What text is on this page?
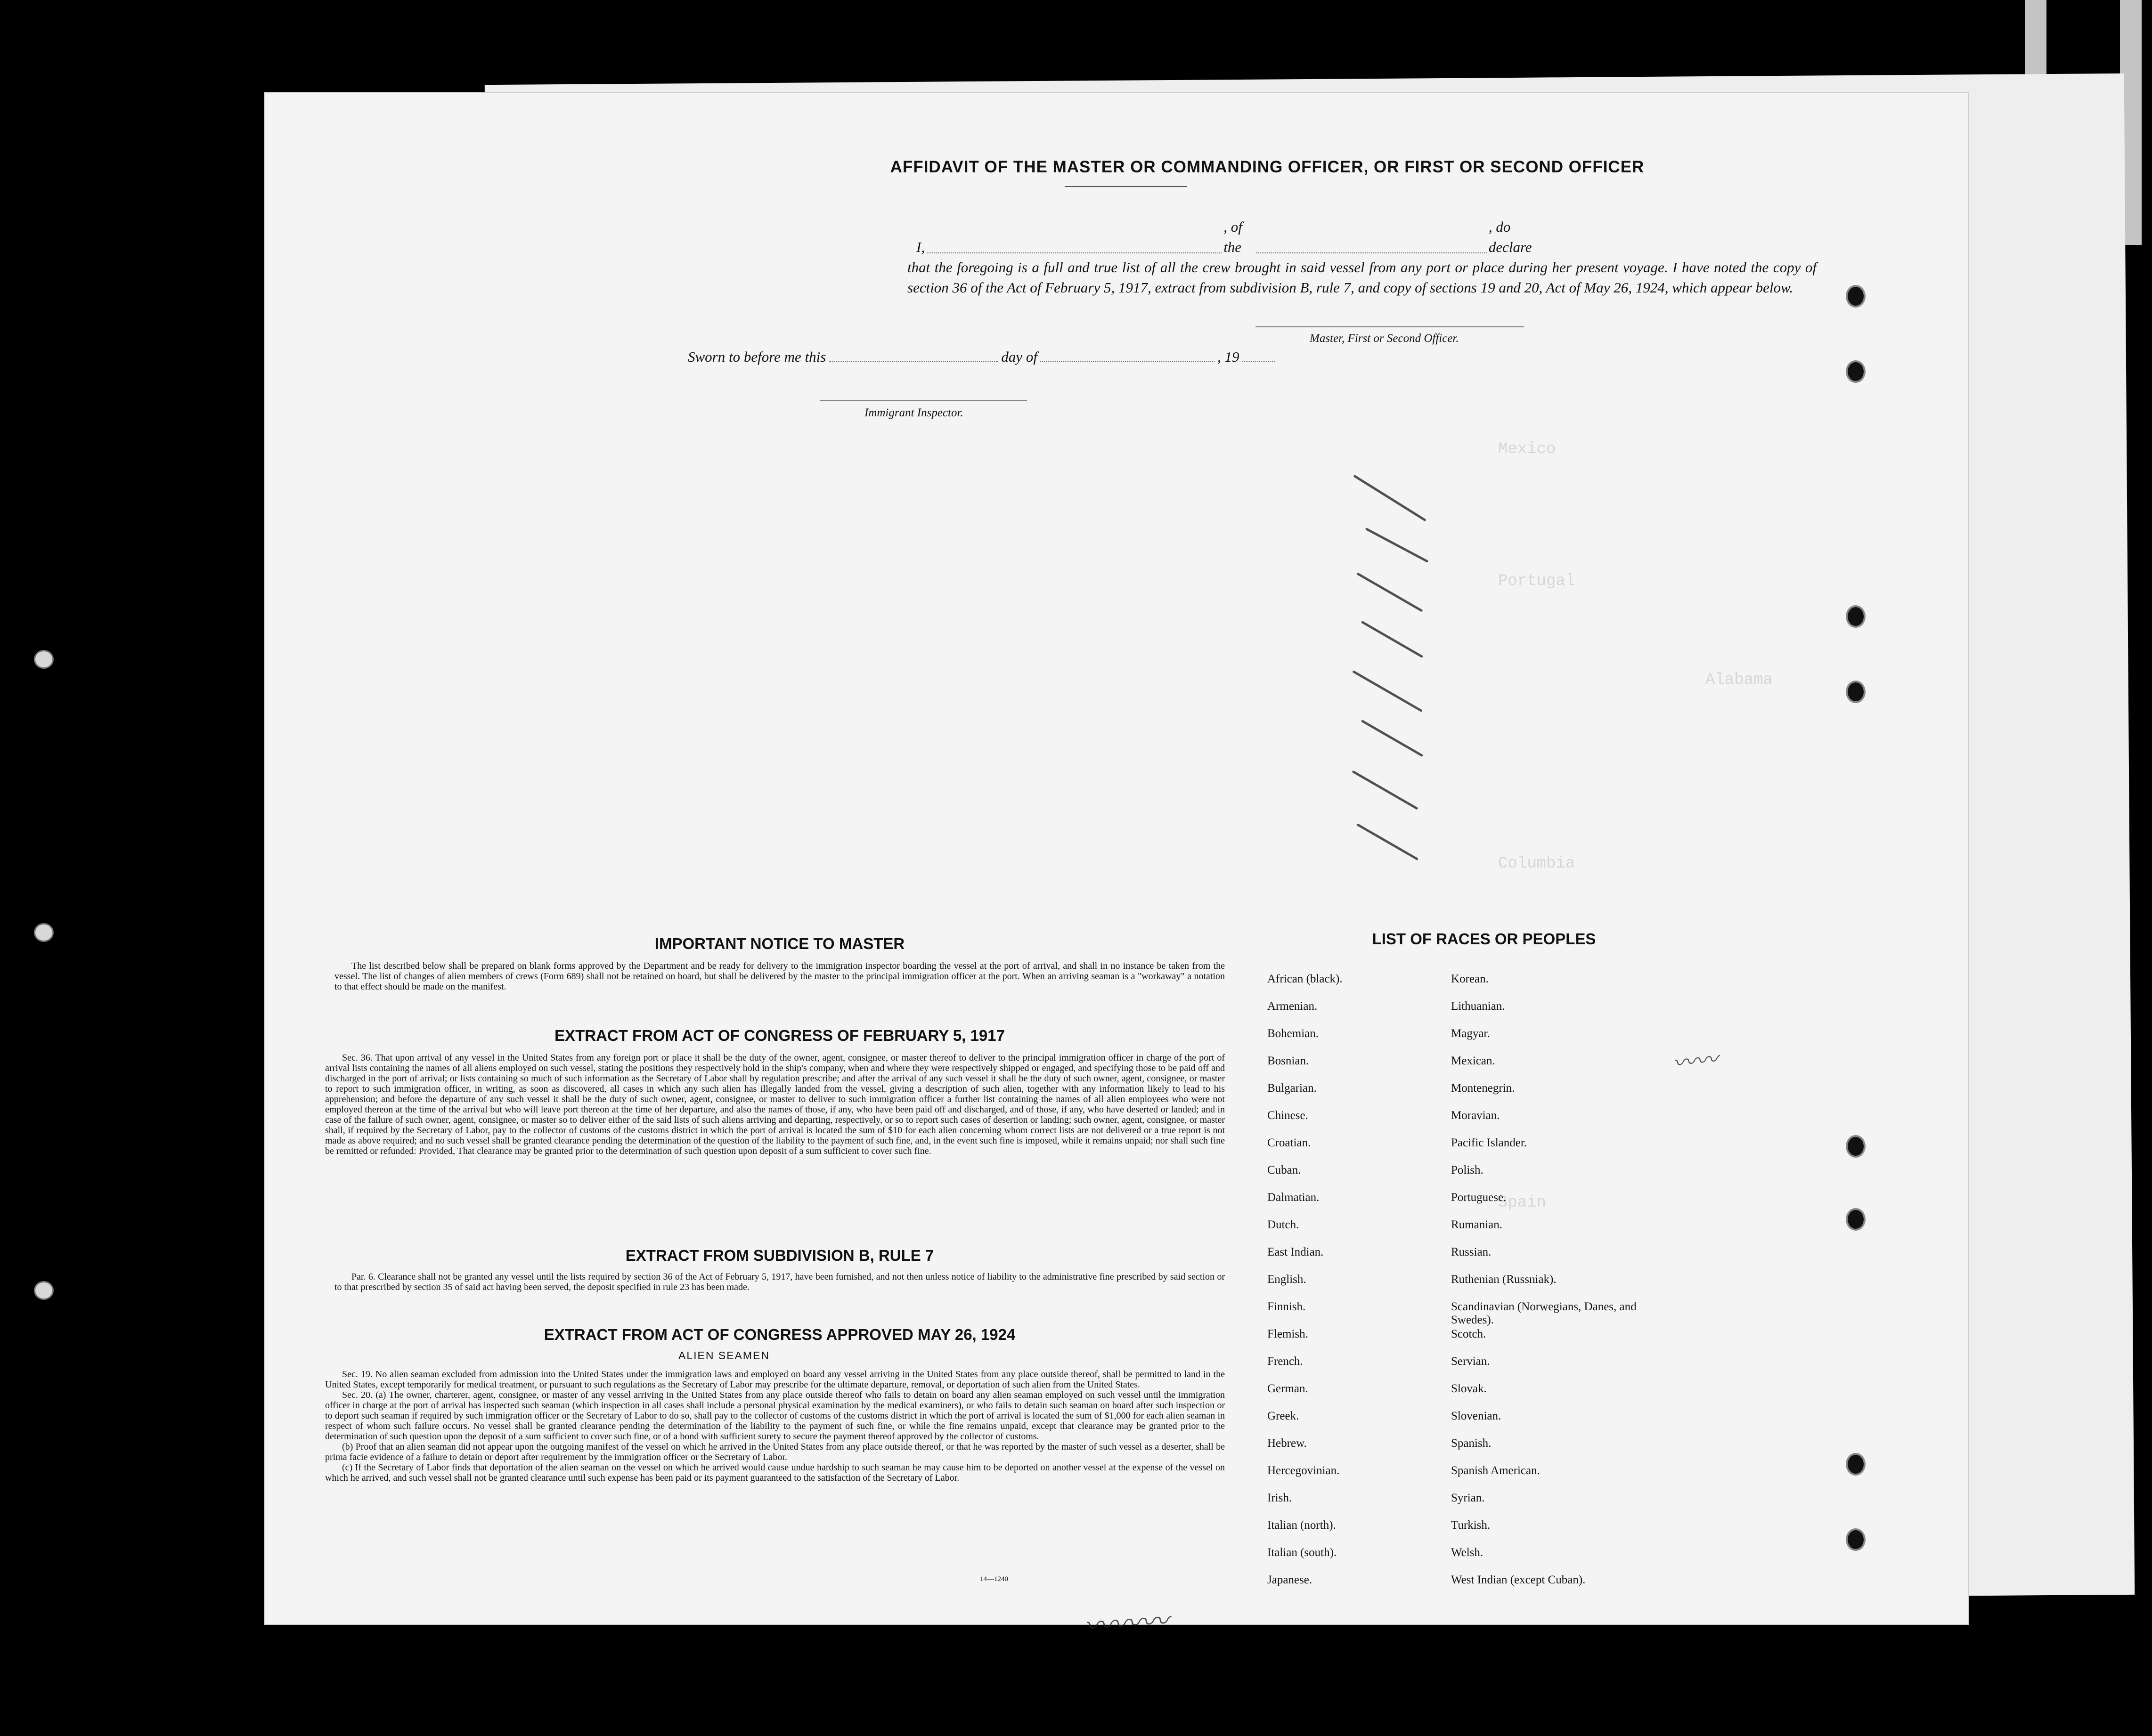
Mexico
Portugal
Alabama
Columbia
Spain
AFFIDAVIT OF THE MASTER OR COMMANDING OFFICER, OR FIRST OR SECOND OFFICER
I,
, of the
, do declare
that the foregoing is a full and true list of all the crew brought in said vessel from any port or place during her present voyage. I have noted the copy of section 36 of the Act of February 5, 1917, extract from subdivision B, rule 7, and copy of sections 19 and 20, Act of May 26, 1924, which appear below.
Master, First or Second Officer.
Sworn to before me this	day of	, 19
Immigrant Inspector.
IMPORTANT NOTICE TO MASTER

The list described below shall be prepared on blank forms approved by the Department and be ready for delivery to the immigration inspector boarding the vessel at the port of arrival, and shall in no instance be taken from the vessel. The list of changes of alien members of crews (Form 689) shall not be retained on board, but shall be delivered by the master to the principal immigration officer at the port. When an arriving seaman is a "workaway" a notation to that effect should be made on the manifest.

EXTRACT FROM ACT OF CONGRESS OF FEBRUARY 5, 1917

Sec. 36. That upon arrival of any vessel in the United States from any foreign port or place it shall be the duty of the owner, agent, consignee, or master thereof to deliver to the principal immigration officer in charge of the port of arrival lists containing the names of all aliens employed on such vessel, stating the positions they respectively hold in the ship's company, when and where they were respectively shipped or engaged, and specifying those to be paid off and discharged in the port of arrival; or lists containing so much of such information as the Secretary of Labor shall by regulation prescribe; and after the arrival of any such vessel it shall be the duty of such owner, agent, consignee, or master to report to such immigration officer, in writing, as soon as discovered, all cases in which any such alien has illegally landed from the vessel, giving a description of such alien, together with any information likely to lead to his apprehension; and before the departure of any such vessel it shall be the duty of such owner, agent, consignee, or master to deliver to such immigration officer a further list containing the names of all alien employees who were not employed thereon at the time of the arrival but who will leave port thereon at the time of her departure, and also the names of those, if any, who have been paid off and discharged, and of those, if any, who have deserted or landed; and in case of the failure of such owner, agent, consignee, or master so to deliver either of the said lists of such aliens arriving and departing, respectively, or so to report such cases of desertion or landing; such owner, agent, consignee, or master shall, if required by the Secretary of Labor, pay to the collector of customs of the customs district in which the port of arrival is located the sum of $10 for each alien concerning whom correct lists are not delivered or a true report is not made as above required; and no such vessel shall be granted clearance pending the determination of the question of the liability to the payment of such fine, and, in the event such fine is imposed, while it remains unpaid; nor shall such fine be remitted or refunded: Provided, That clearance may be granted prior to the determination of such question upon deposit of a sum sufficient to cover such fine.

EXTRACT FROM SUBDIVISION B, RULE 7

Par. 6. Clearance shall not be granted any vessel until the lists required by section 36 of the Act of February 5, 1917, have been furnished, and not then unless notice of liability to the administrative fine prescribed by said section or to that prescribed by section 35 of said act having been served, the deposit specified in rule 23 has been made.

EXTRACT FROM ACT OF CONGRESS APPROVED MAY 26, 1924
ALIEN SEAMEN

Sec. 19. No alien seaman excluded from admission into the United States under the immigration laws and employed on board any vessel arriving in the United States from any place outside thereof, shall be permitted to land in the United States, except temporarily for medical treatment, or pursuant to such regulations as the Secretary of Labor may prescribe for the ultimate departure, removal, or deportation of such alien from the United States.

Sec. 20. (a) The owner, charterer, agent, consignee, or master of any vessel arriving in the United States from any place outside thereof who fails to detain on board any alien seaman employed on such vessel until the immigration officer in charge at the port of arrival has inspected such seaman (which inspection in all cases shall include a personal physical examination by the medical examiners), or who fails to detain such seaman on board after such inspection or to deport such seaman if required by such immigration officer or the Secretary of Labor to do so, shall pay to the collector of customs of the customs district in which the port of arrival is located the sum of $1,000 for each alien seaman in respect of whom such failure occurs. No vessel shall be granted clearance pending the determination of the liability to the payment of such fine, or while the fine remains unpaid, except that clearance may be granted prior to the determination of such question upon the deposit of a sum sufficient to cover such fine, or of a bond with sufficient surety to secure the payment thereof approved by the collector of customs.

(b) Proof that an alien seaman did not appear upon the outgoing manifest of the vessel on which he arrived in the United States from any place outside thereof, or that he was reported by the master of such vessel as a deserter, shall be prima facie evidence of a failure to detain or deport after requirement by the immigration officer or the Secretary of Labor.

(c) If the Secretary of Labor finds that deportation of the alien seaman on the vessel on which he arrived would cause undue hardship to such seaman he may cause him to be deported on another vessel at the expense of the vessel on which he arrived, and such vessel shall not be granted clearance until such expense has been paid or its payment guaranteed to the satisfaction of the Secretary of Labor.

14—1240
LIST OF RACES OR PEOPLES
African (black).
Armenian.
Bohemian.
Bosnian.
Bulgarian.
Chinese.
Croatian.
Cuban.
Dalmatian.
Dutch.
East Indian.
English.
Finnish.
Flemish.
French.
German.
Greek.
Hebrew.
Hercegovinian.
Irish.
Italian (north).
Italian (south).
Japanese.
Korean.
Lithuanian.
Magyar.
Mexican.
Montenegrin.
Moravian.
Pacific Islander.
Polish.
Portuguese.
Rumanian.
Russian.
Ruthenian (Russniak).
Scandinavian (Norwegians, Danes, and Swedes).
Scotch.
Servian.
Slovak.
Slovenian.
Spanish.
Spanish American.
Syrian.
Turkish.
Welsh.
West Indian (except Cuban).
〰〰〰
〰〰
